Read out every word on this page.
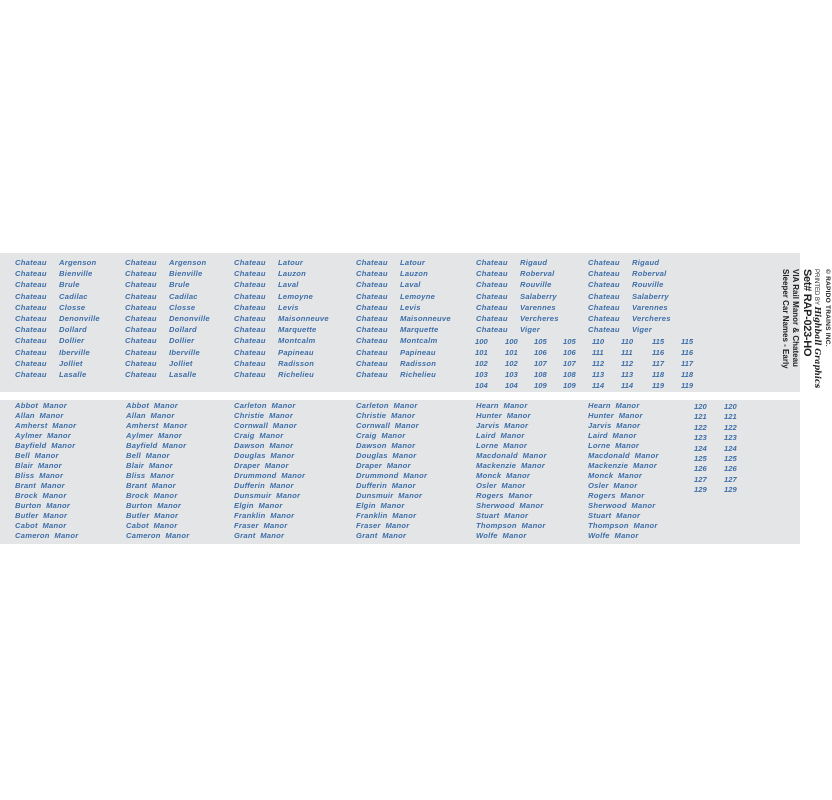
Chateau Argenson
Chateau Bienville
Chateau Brule
Chateau Cadilac
Chateau Closse
Chateau Denonville
Chateau Dollard
Chateau Dollier
Chateau Iberville
Chateau Jolliet
Chateau Lasalle
Chateau Argenson
Chateau Bienville
Chateau Brule
Chateau Cadilac
Chateau Closse
Chateau Denonville
Chateau Dollard
Chateau Dollier
Chateau Iberville
Chateau Jolliet
Chateau Lasalle
Chateau Latour
Chateau Lauzon
Chateau Laval
Chateau Lemoyne
Chateau Levis
Chateau Maisonneuve
Chateau Marquette
Chateau Montcalm
Chateau Papineau
Chateau Radisson
Chateau Richelieu
Chateau Latour
Chateau Lauzon
Chateau Laval
Chateau Lemoyne
Chateau Levis
Chateau Maisonneuve
Chateau Marquette
Chateau Montcalm
Chateau Papineau
Chateau Radisson
Chateau Richelieu
Chateau Rigaud
Chateau Roberval
Chateau Rouville
Chateau Salaberry
Chateau Varennes
Chateau Vercheres
Chateau Viger
Chateau Rigaud
Chateau Roberval
Chateau Rouville
Chateau Salaberry
Chateau Varennes
Chateau Vercheres
Chateau Viger
100 100 105 105 110 110 115 115
101 101 106 106 111 111	116 116
102 102 107 107 112 112 117 117
103 103 108 108 113 113 118 118
104 104 109 109 114 114 119 119
Abbot  Manor
Allan  Manor
Amherst  Manor
Aylmer  Manor
Bayfield  Manor
Bell  Manor
Blair  Manor
Bliss  Manor
Brant  Manor
Brock  Manor
Burton  Manor
Butler  Manor
Cabot  Manor
Cameron  Manor
Abbot  Manor
Allan  Manor
Amherst  Manor
Aylmer  Manor
Bayfield  Manor
Bell  Manor
Blair  Manor
Bliss  Manor
Brant  Manor
Brock  Manor
Burton  Manor
Butler  Manor
Cabot  Manor
Cameron  Manor
Carleton  Manor
Christie  Manor
Cornwall  Manor
Craig  Manor
Dawson  Manor
Douglas  Manor
Draper  Manor
Drummond  Manor
Dufferin  Manor
Dunsmuir  Manor
Elgin  Manor
Franklin  Manor
Fraser  Manor
Grant  Manor
Carleton  Manor
Christie  Manor
Cornwall  Manor
Craig  Manor
Dawson  Manor
Douglas  Manor
Draper  Manor
Drummond  Manor
Dufferin  Manor
Dunsmuir  Manor
Elgin  Manor
Franklin  Manor
Fraser  Manor
Grant  Manor
Hearn  Manor
Hunter  Manor
Jarvis  Manor
Laird  Manor
Lorne  Manor
Macdonald  Manor
Mackenzie  Manor
Monck  Manor
Osler  Manor
Rogers  Manor
Sherwood  Manor
Stuart  Manor
Thompson  Manor
Wolfe  Manor
Hearn  Manor
Hunter  Manor
Jarvis  Manor
Laird  Manor
Lorne  Manor
Macdonald  Manor
Mackenzie  Manor
Monck  Manor
Osler  Manor
Rogers  Manor
Sherwood  Manor
Stuart  Manor
Thompson  Manor
Wolfe  Manor
120 120
121 121
122 122
123 123
124 124
125 125
126 126
127 127
129 129
© RAPIDO TRAINS INC.
PRINTED BY Highball Graphics
Set# RAP-023-HO
VIA Rail Manor & Chateau
Sleeper Car Names - Early
